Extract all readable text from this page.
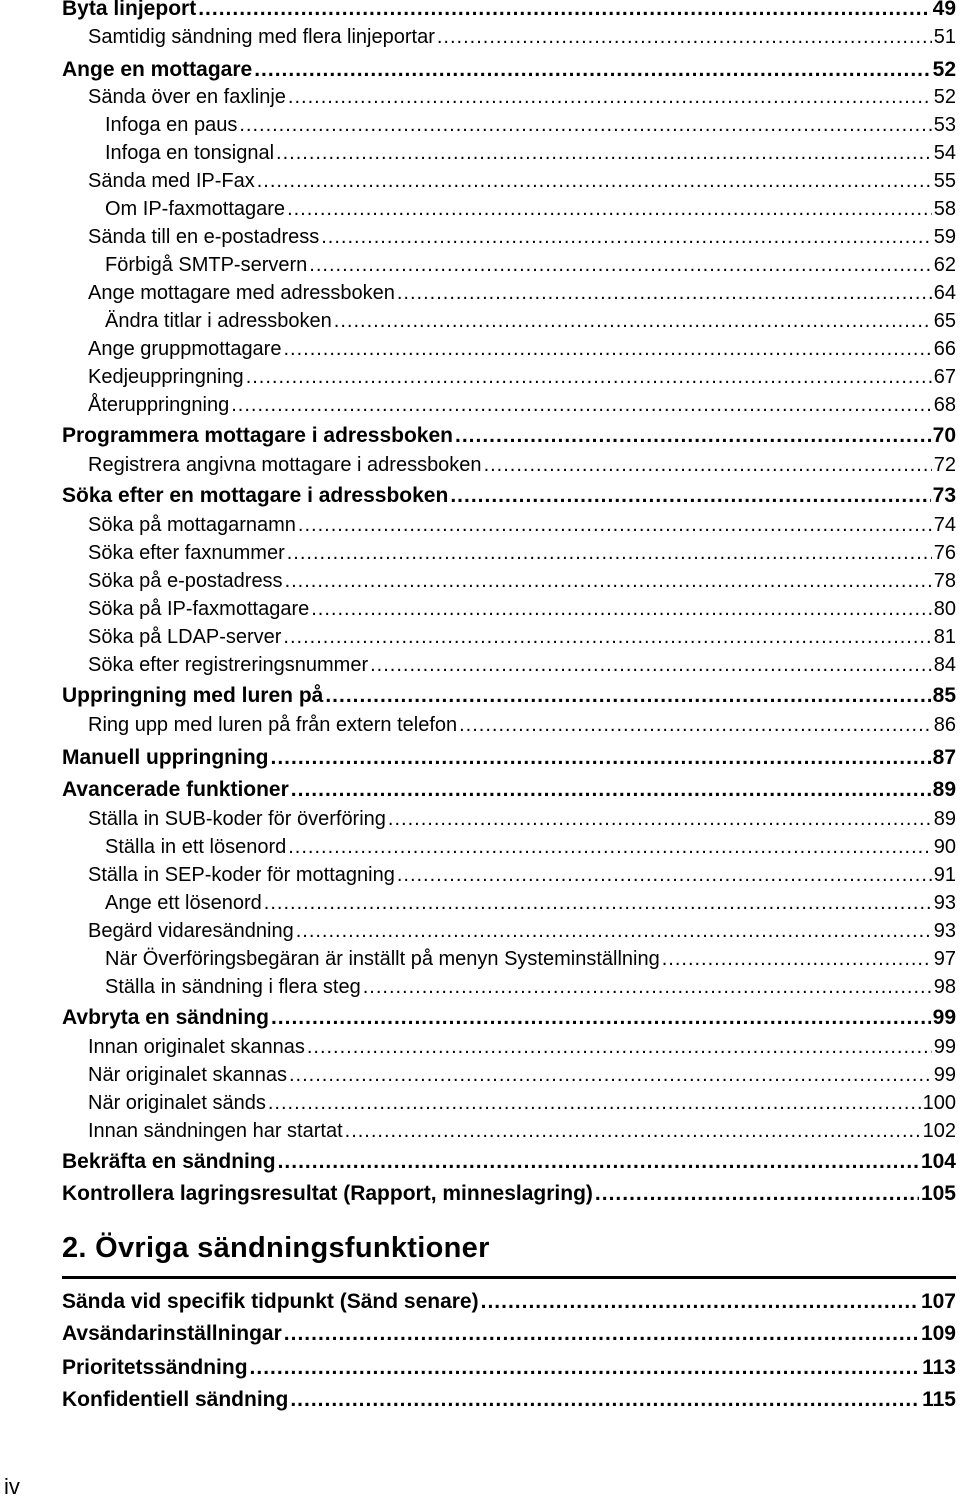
Byta linjeport .....	49
Samtidig sändning med flera linjeportar .....	51
Ange en mottagare .....	52
Sända över en faxlinje .....	52
Infoga en paus .....	53
Infoga en tonsignal .....	54
Sända med IP-Fax .....	55
Om IP-faxmottagare .....	58
Sända till en e-postadress .....	59
Förbigå SMTP-servern .....	62
Ange mottagare med adressboken .....	64
Ändra titlar i adressboken .....	65
Ange gruppmottagare .....	66
Kedjeuppringning .....	67
Återuppringning .....	68
Programmera mottagare i adressboken .....	70
Registrera angivna mottagare i adressboken .....	72
Söka efter en mottagare i adressboken .....	73
Söka på mottagarnamn .....	74
Söka efter faxnummer .....	76
Söka på e-postadress .....	78
Söka på IP-faxmottagare .....	80
Söka på LDAP-server .....	81
Söka efter registreringsnummer .....	84
Uppringning med luren på .....	85
Ring upp med luren på från extern telefon .....	86
Manuell uppringning .....	87
Avancerade funktioner .....	89
Ställa in SUB-koder för överföring .....	89
Ställa in ett lösenord .....	90
Ställa in SEP-koder för mottagning .....	91
Ange ett lösenord .....	93
Begärd vidaresändning .....	93
När Överföringsbegäran är inställt på menyn Systeminställning .....	97
Ställa in sändning i flera steg .....	98
Avbryta en sändning .....	99
Innan originalet skannas .....	99
När originalet skannas .....	99
När originalet sänds .....	100
Innan sändningen har startat .....	102
Bekräfta en sändning .....	104
Kontrollera lagringsresultat (Rapport, minneslagring) .....	105
Sända vid specifik tidpunkt (Sänd senare) .....	107
Avsändarinställningar .....	109
Prioritetssändning .....	113
Konfidentiell sändning .....	115
2. Övriga sändningsfunktioner
iv
